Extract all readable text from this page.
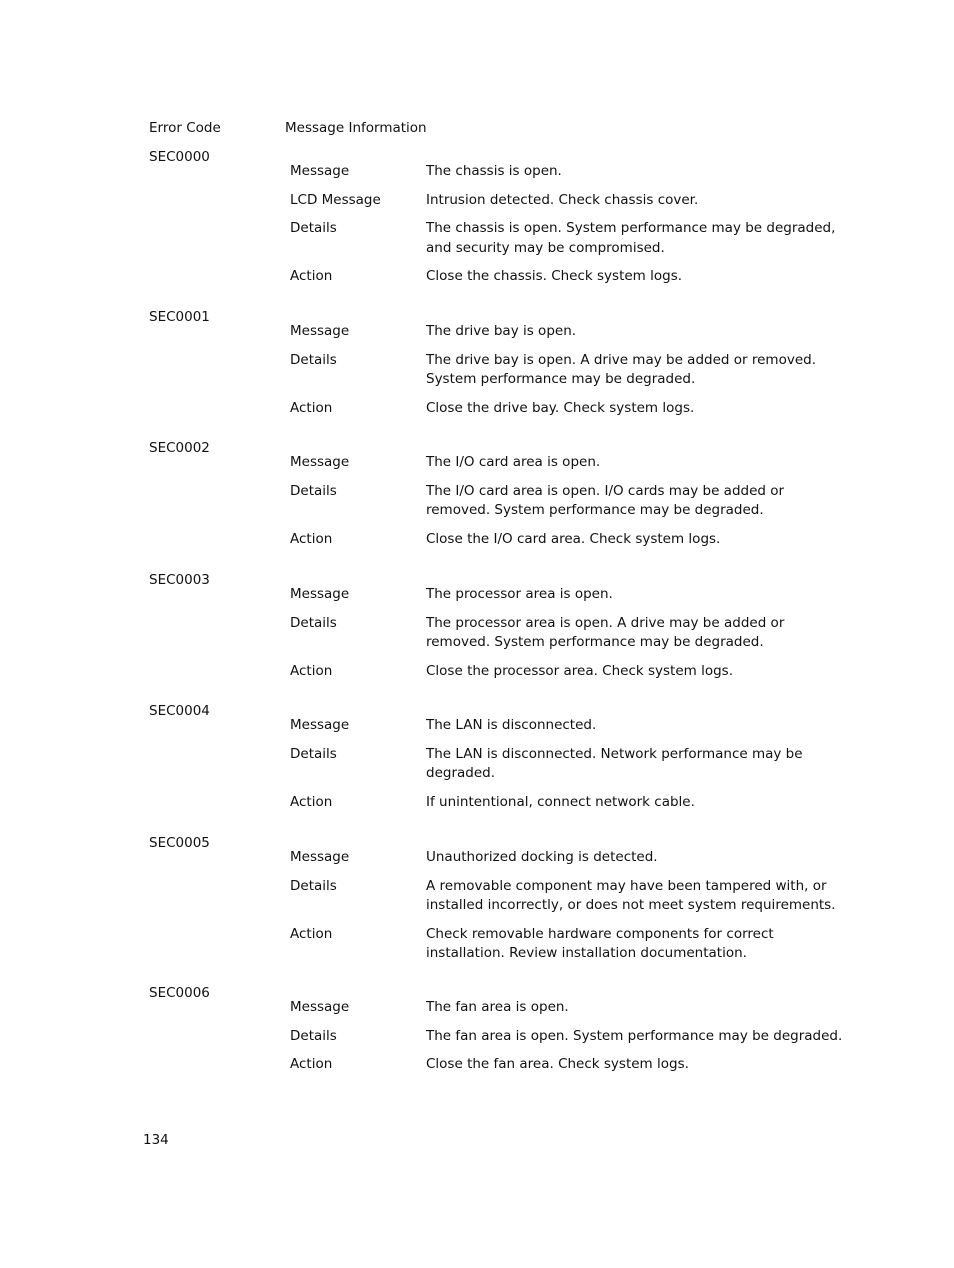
Error Code	Message Information
SEC0000
Message	The chassis is open.
LCD Message	Intrusion detected. Check chassis cover.
Details	The chassis is open. System performance may be degraded, and security may be compromised.
Action	Close the chassis. Check system logs.
SEC0001
Message	The drive bay is open.
Details	The drive bay is open. A drive may be added or removed. System performance may be degraded.
Action	Close the drive bay. Check system logs.
SEC0002
Message	The I/O card area is open.
Details	The I/O card area is open. I/O cards may be added or removed. System performance may be degraded.
Action	Close the I/O card area. Check system logs.
SEC0003
Message	The processor area is open.
Details	The processor area is open. A drive may be added or removed. System performance may be degraded.
Action	Close the processor area. Check system logs.
SEC0004
Message	The LAN is disconnected.
Details	The LAN is disconnected. Network performance may be degraded.
Action	If unintentional, connect network cable.
SEC0005
Message	Unauthorized docking is detected.
Details	A removable component may have been tampered with, or installed incorrectly, or does not meet system requirements.
Action	Check removable hardware components for correct installation. Review installation documentation.
SEC0006
Message	The fan area is open.
Details	The fan area is open. System performance may be degraded.
Action	Close the fan area. Check system logs.
134
